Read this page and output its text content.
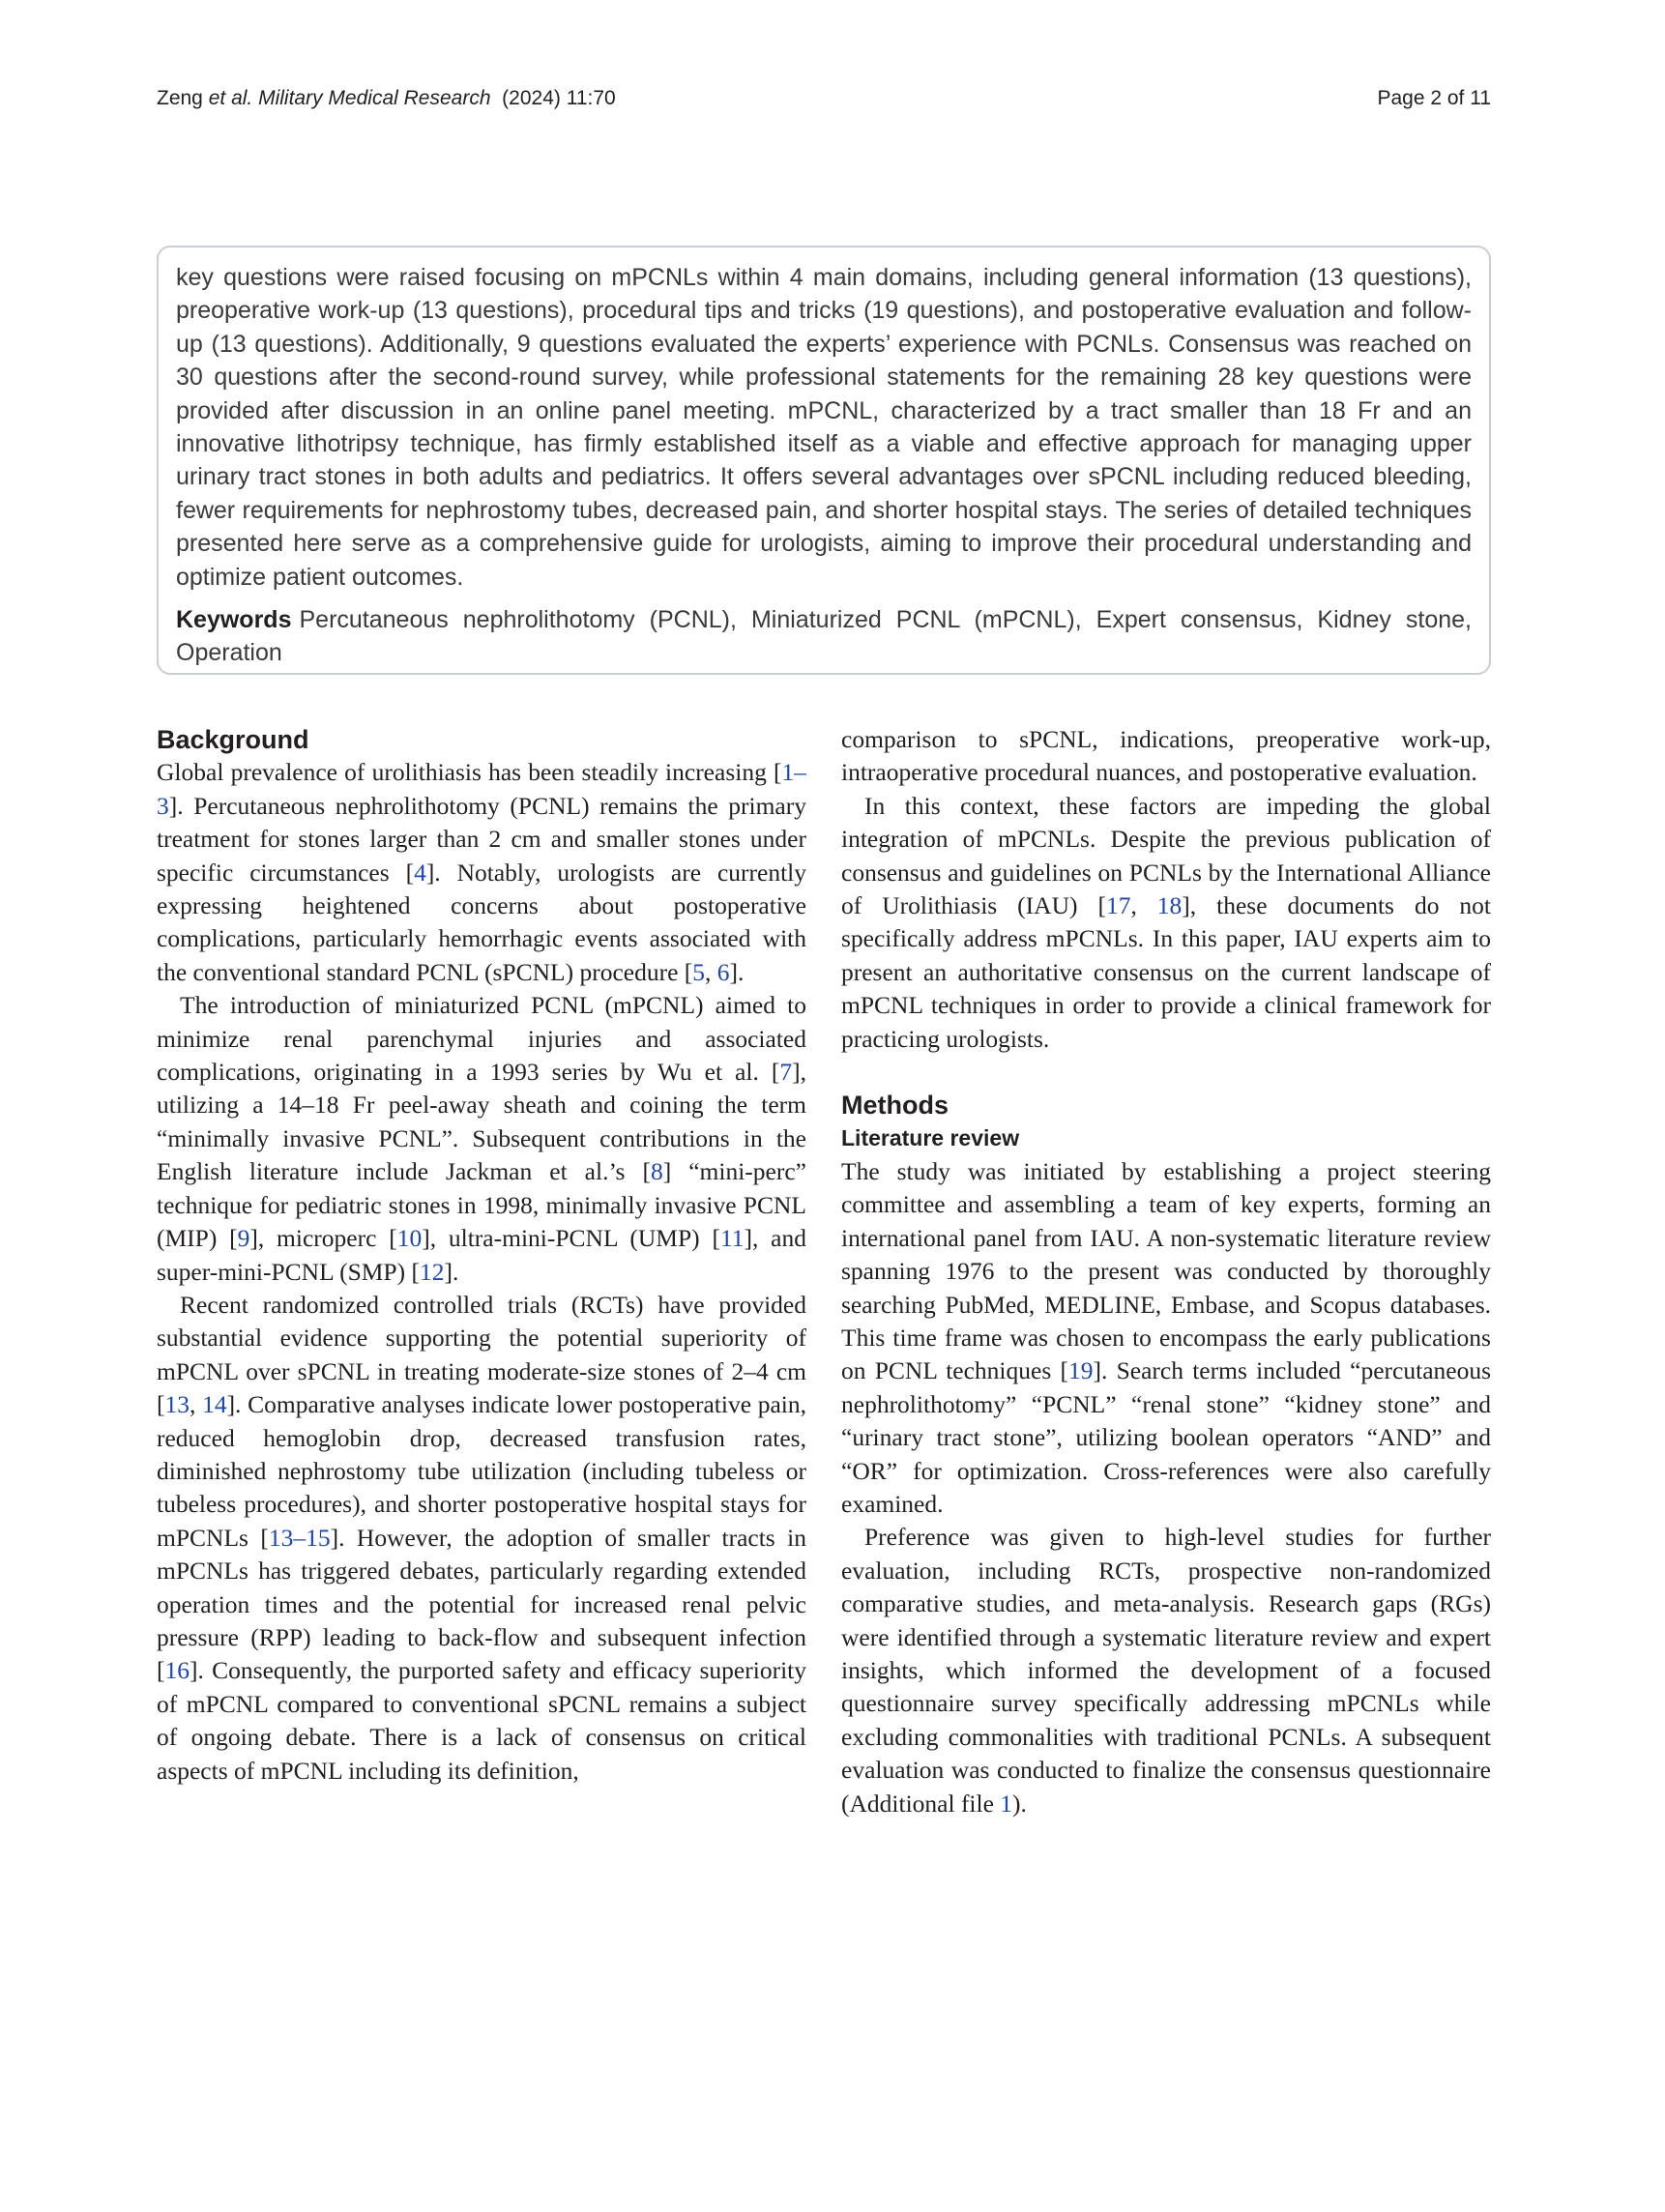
Zeng et al. Military Medical Research (2024) 11:70	Page 2 of 11

key questions were raised focusing on mPCNLs within 4 main domains, including general information (13 questions), preoperative work-up (13 questions), procedural tips and tricks (19 questions), and postoperative evaluation and follow-up (13 questions). Additionally, 9 questions evaluated the experts’ experience with PCNLs. Consensus was reached on 30 questions after the second-round survey, while professional statements for the remaining 28 key questions were provided after discussion in an online panel meeting. mPCNL, characterized by a tract smaller than 18 Fr and an innovative lithotripsy technique, has firmly established itself as a viable and effective approach for managing upper urinary tract stones in both adults and pediatrics. It offers several advantages over sPCNL including reduced bleeding, fewer requirements for nephrostomy tubes, decreased pain, and shorter hospital stays. The series of detailed techniques presented here serve as a comprehensive guide for urologists, aiming to improve their procedural understanding and optimize patient outcomes.

Keywords Percutaneous nephrolithotomy (PCNL), Miniaturized PCNL (mPCNL), Expert consensus, Kidney stone, Operation

Background

Global prevalence of urolithiasis has been steadily increasing [1–3]. Percutaneous nephrolithotomy (PCNL) remains the primary treatment for stones larger than 2 cm and smaller stones under specific circumstances [4]. Notably, urologists are currently expressing heightened concerns about postoperative complications, particularly hemorrhagic events associated with the conventional standard PCNL (sPCNL) procedure [5, 6].

The introduction of miniaturized PCNL (mPCNL) aimed to minimize renal parenchymal injuries and associated complications, originating in a 1993 series by Wu et al. [7], utilizing a 14–18 Fr peel-away sheath and coining the term “minimally invasive PCNL”. Subsequent contributions in the English literature include Jackman et al.’s [8] “mini-perc” technique for pediatric stones in 1998, minimally invasive PCNL (MIP) [9], microperc [10], ultra-mini-PCNL (UMP) [11], and super-mini-PCNL (SMP) [12].

Recent randomized controlled trials (RCTs) have provided substantial evidence supporting the potential superiority of mPCNL over sPCNL in treating moderate-size stones of 2–4 cm [13, 14]. Comparative analyses indicate lower postoperative pain, reduced hemoglobin drop, decreased transfusion rates, diminished nephrostomy tube utilization (including tubeless or tubeless procedures), and shorter postoperative hospital stays for mPCNLs [13–15]. However, the adoption of smaller tracts in mPCNLs has triggered debates, particularly regarding extended operation times and the potential for increased renal pelvic pressure (RPP) leading to back-flow and subsequent infection [16]. Consequently, the purported safety and efficacy superiority of mPCNL compared to conventional sPCNL remains a subject of ongoing debate. There is a lack of consensus on critical aspects of mPCNL including its definition,

comparison to sPCNL, indications, preoperative work-up, intraoperative procedural nuances, and postoperative evaluation.

In this context, these factors are impeding the global integration of mPCNLs. Despite the previous publication of consensus and guidelines on PCNLs by the International Alliance of Urolithiasis (IAU) [17, 18], these documents do not specifically address mPCNLs. In this paper, IAU experts aim to present an authoritative consensus on the current landscape of mPCNL techniques in order to provide a clinical framework for practicing urologists.

Methods
Literature review

The study was initiated by establishing a project steering committee and assembling a team of key experts, forming an international panel from IAU. A non-systematic literature review spanning 1976 to the present was conducted by thoroughly searching PubMed, MEDLINE, Embase, and Scopus databases. This time frame was chosen to encompass the early publications on PCNL techniques [19]. Search terms included “percutaneous nephrolithotomy” “PCNL” “renal stone” “kidney stone” and “urinary tract stone”, utilizing boolean operators “AND” and “OR” for optimization. Cross-references were also carefully examined.

Preference was given to high-level studies for further evaluation, including RCTs, prospective non-randomized comparative studies, and meta-analysis. Research gaps (RGs) were identified through a systematic literature review and expert insights, which informed the development of a focused questionnaire survey specifically addressing mPCNLs while excluding commonalities with traditional PCNLs. A subsequent evaluation was conducted to finalize the consensus questionnaire (Additional file 1).
